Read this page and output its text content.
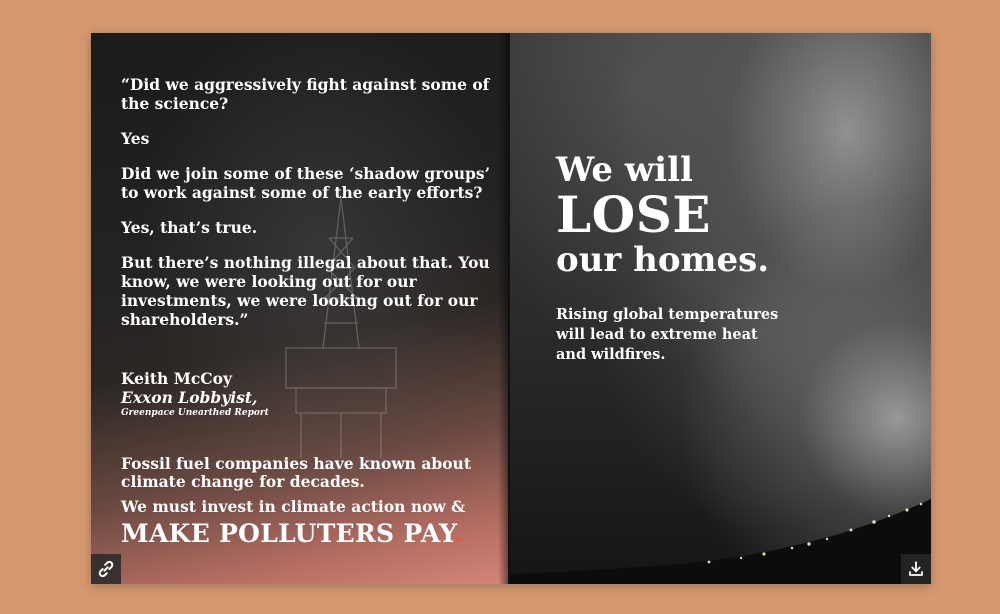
“Did we aggressively fight against some of the science?

Yes

Did we join some of these ‘shadow groups’ to work against some of the early efforts?

Yes, that’s true.

But there’s nothing illegal about that. You know, we were looking out for our investments, we were looking out for our shareholders.”

Keith McCoy
Exxon Lobbyist,
Greenpace Unearthed Report
Fossil fuel companies have known about climate change for decades.
We must invest in climate action now &
MAKE POLLUTERS PAY.
We will
LOSE
our homes.
Rising global temperatures will lead to extreme heat and wildfires.
